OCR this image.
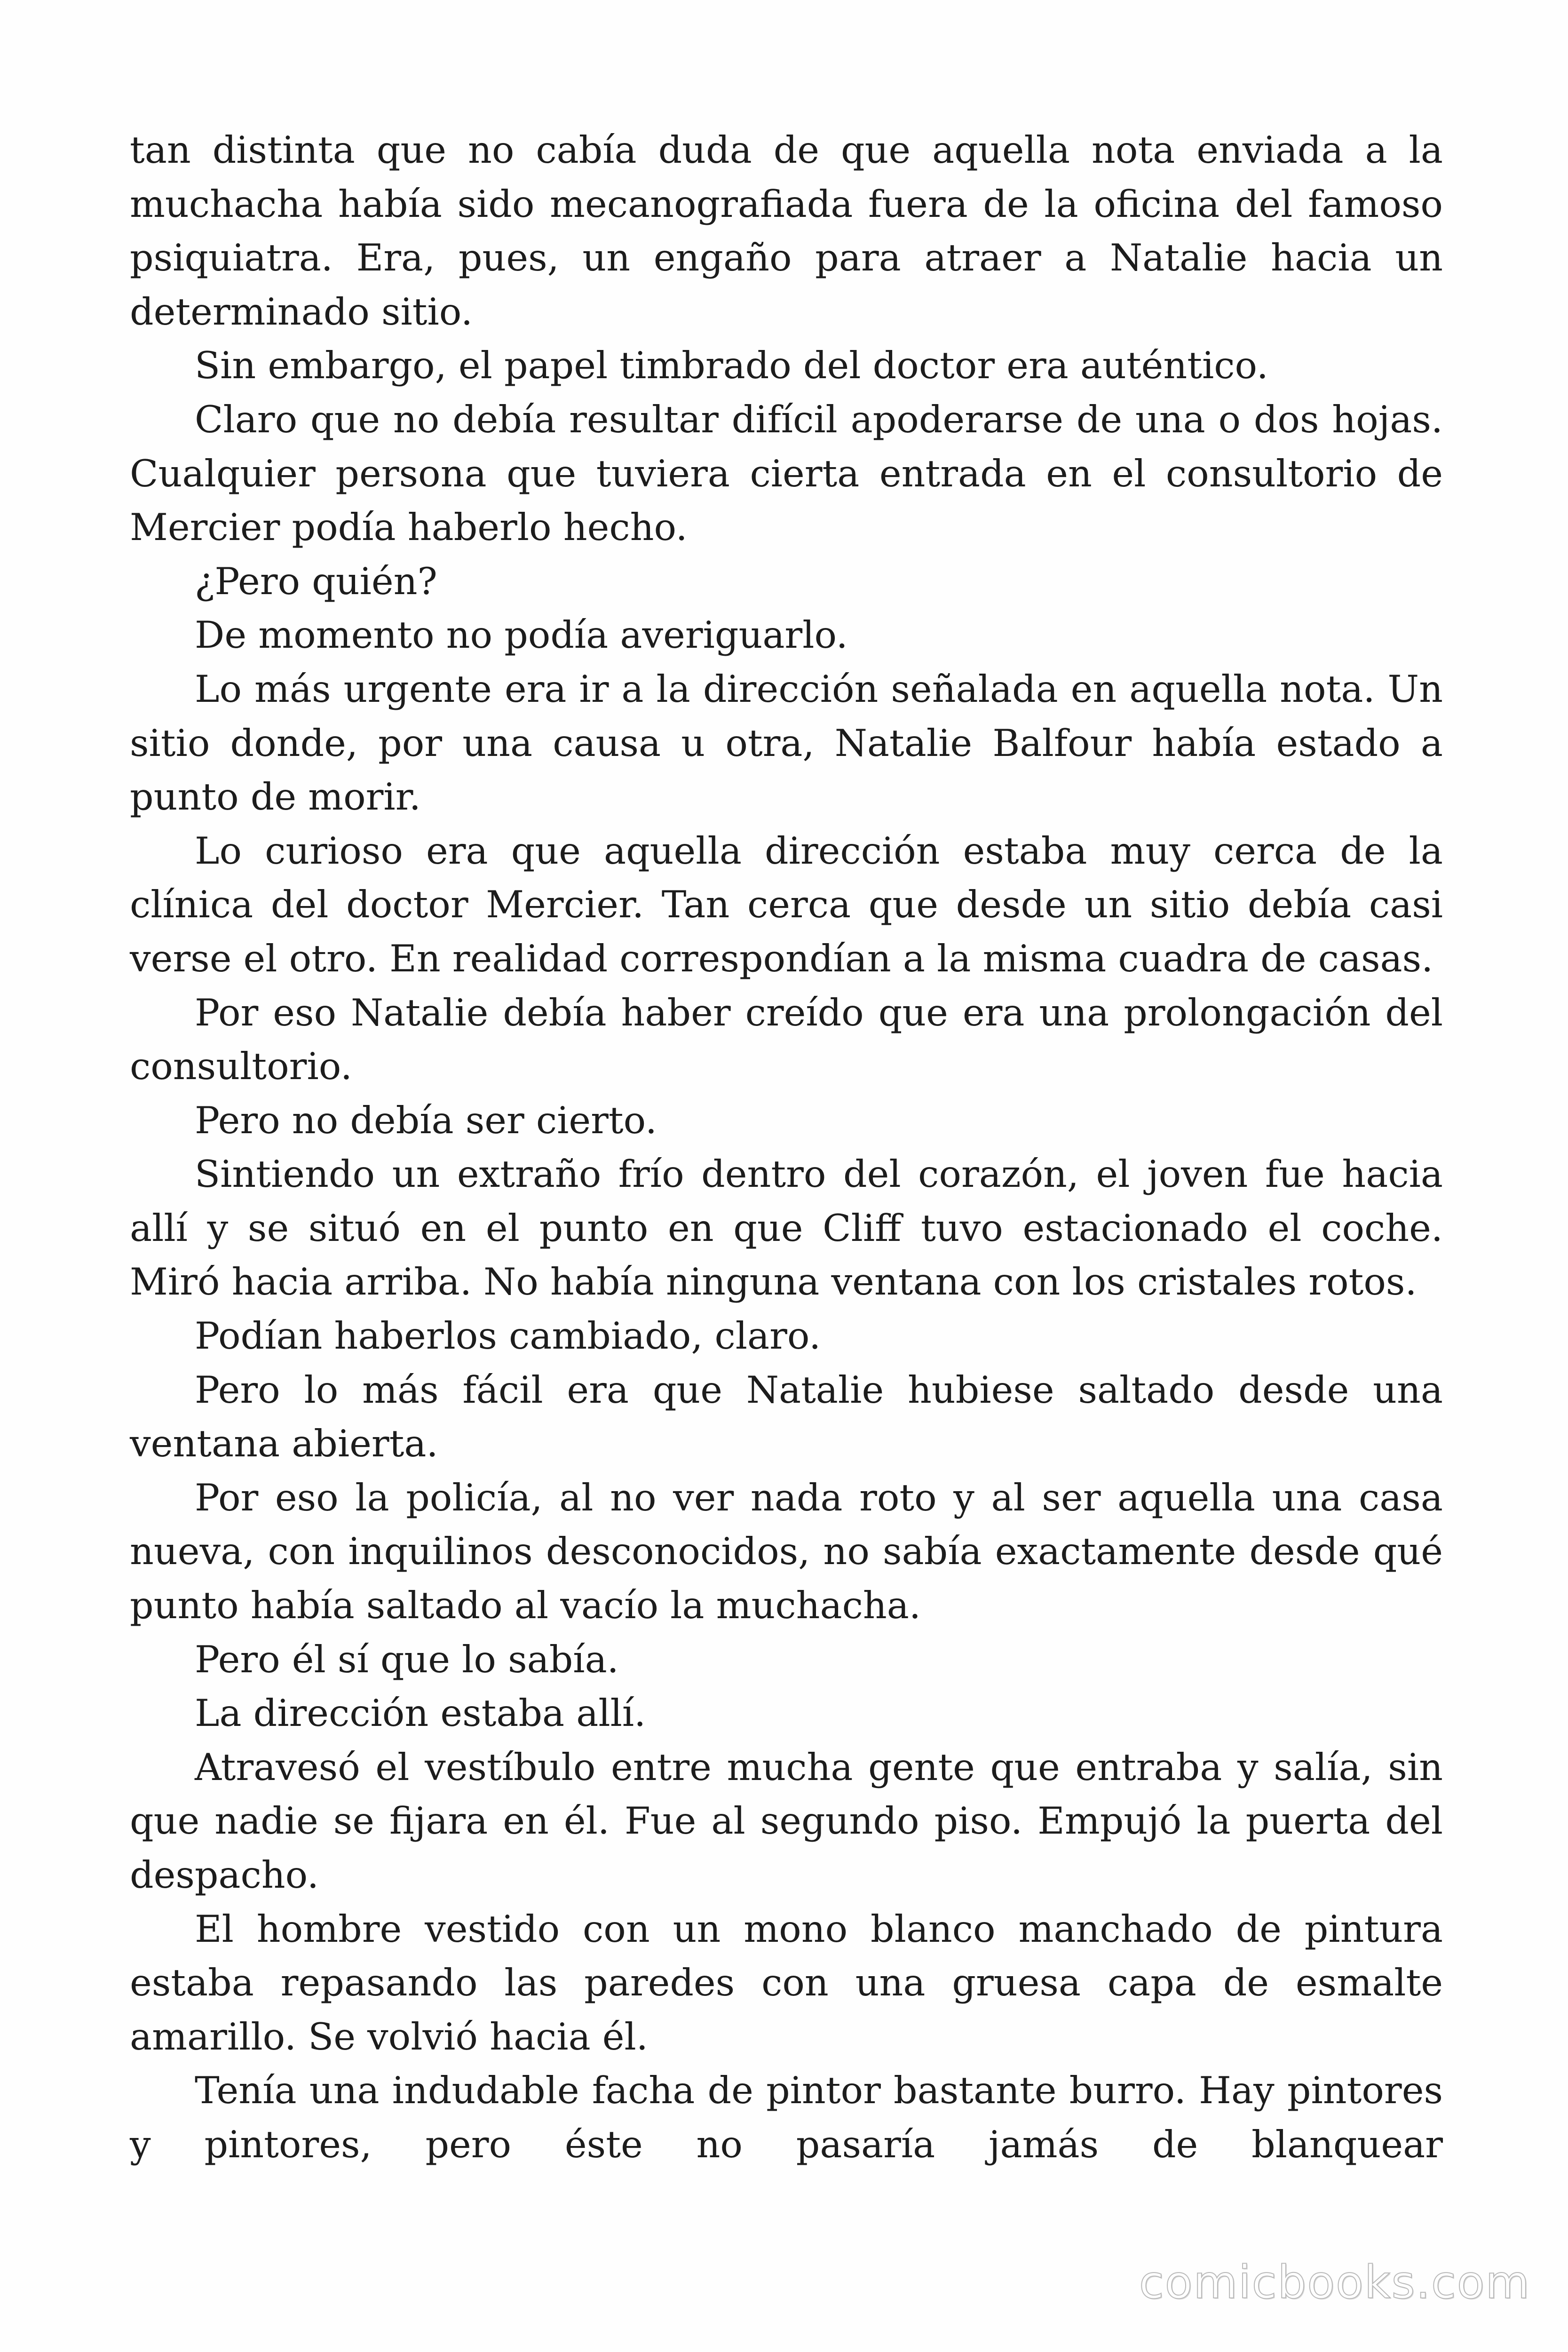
tan distinta que no cabía duda de que aquella nota enviada a la muchacha había sido mecanografiada fuera de la oficina del famoso psiquiatra. Era, pues, un engaño para atraer a Natalie hacia un determinado sitio.

Sin embargo, el papel timbrado del doctor era auténtico.

Claro que no debía resultar difícil apoderarse de una o dos hojas. Cualquier persona que tuviera cierta entrada en el consultorio de Mercier podía haberlo hecho.

¿Pero quién?

De momento no podía averiguarlo.

Lo más urgente era ir a la dirección señalada en aquella nota. Un sitio donde, por una causa u otra, Natalie Balfour había estado a punto de morir.

Lo curioso era que aquella dirección estaba muy cerca de la clínica del doctor Mercier. Tan cerca que desde un sitio debía casi verse el otro. En realidad correspondían a la misma cuadra de casas.

Por eso Natalie debía haber creído que era una prolongación del consultorio.

Pero no debía ser cierto.

Sintiendo un extraño frío dentro del corazón, el joven fue hacia allí y se situó en el punto en que Cliff tuvo estacionado el coche. Miró hacia arriba. No había ninguna ventana con los cristales rotos.

Podían haberlos cambiado, claro.

Pero lo más fácil era que Natalie hubiese saltado desde una ventana abierta.

Por eso la policía, al no ver nada roto y al ser aquella una casa nueva, con inquilinos desconocidos, no sabía exactamente desde qué punto había saltado al vacío la muchacha.

Pero él sí que lo sabía.

La dirección estaba allí.

Atravesó el vestíbulo entre mucha gente que entraba y salía, sin que nadie se fijara en él. Fue al segundo piso. Empujó la puerta del despacho.

El hombre vestido con un mono blanco manchado de pintura estaba repasando las paredes con una gruesa capa de esmalte amarillo. Se volvió hacia él.

Tenía una indudable facha de pintor bastante burro. Hay pintores y pintores, pero éste no pasaría jamás de blanquear

comicbooks.com
